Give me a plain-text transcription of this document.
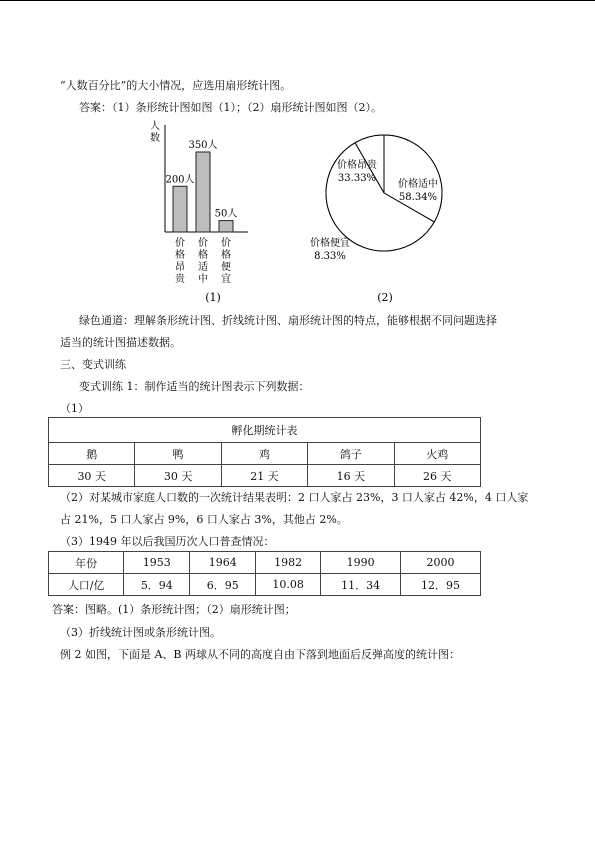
“人数百分比”的大小情况，应选用扇形统计图。
答案：（1）条形统计图如图（1）；（2）扇形统计图如图（2）。
人
数
200人
350人
50人
价
格
昂
贵
价
格
适
中
价
格
便
宜
(1)
价格昂贵
33.33%
价格适中
58.34%
价格便宜
8.33%
(2)
绿色通道：理解条形统计图、折线统计图、扇形统计图的特点，能够根据不同问题选择
适当的统计图描述数据。
三、变式训练
变式训练 1：制作适当的统计图表示下列数据：
（1）
孵化期统计表				
鹅	鸭	鸡	鸽子	火鸡
30 天	30 天	21 天	16 天	26 天
（2）对某城市家庭人口数的一次统计结果表明：2 口人家占 23%，3 口人家占 42%，4 口人家
占 21%，5 口人家占 9%，6 口人家占 3%，其他占 2%。
（3）1949 年以后我国历次人口普查情况：
年份	1953	1964	1982	1990	2000
人口/亿	5．94	6．95	10.08	11．34	12．95
答案：图略。(1）条形统计图；（2）扇形统计图；
（3）折线统计图或条形统计图。
例 2 如图，下面是 A、B 两球从不同的高度自由下落到地面后反弹高度的统计图：
